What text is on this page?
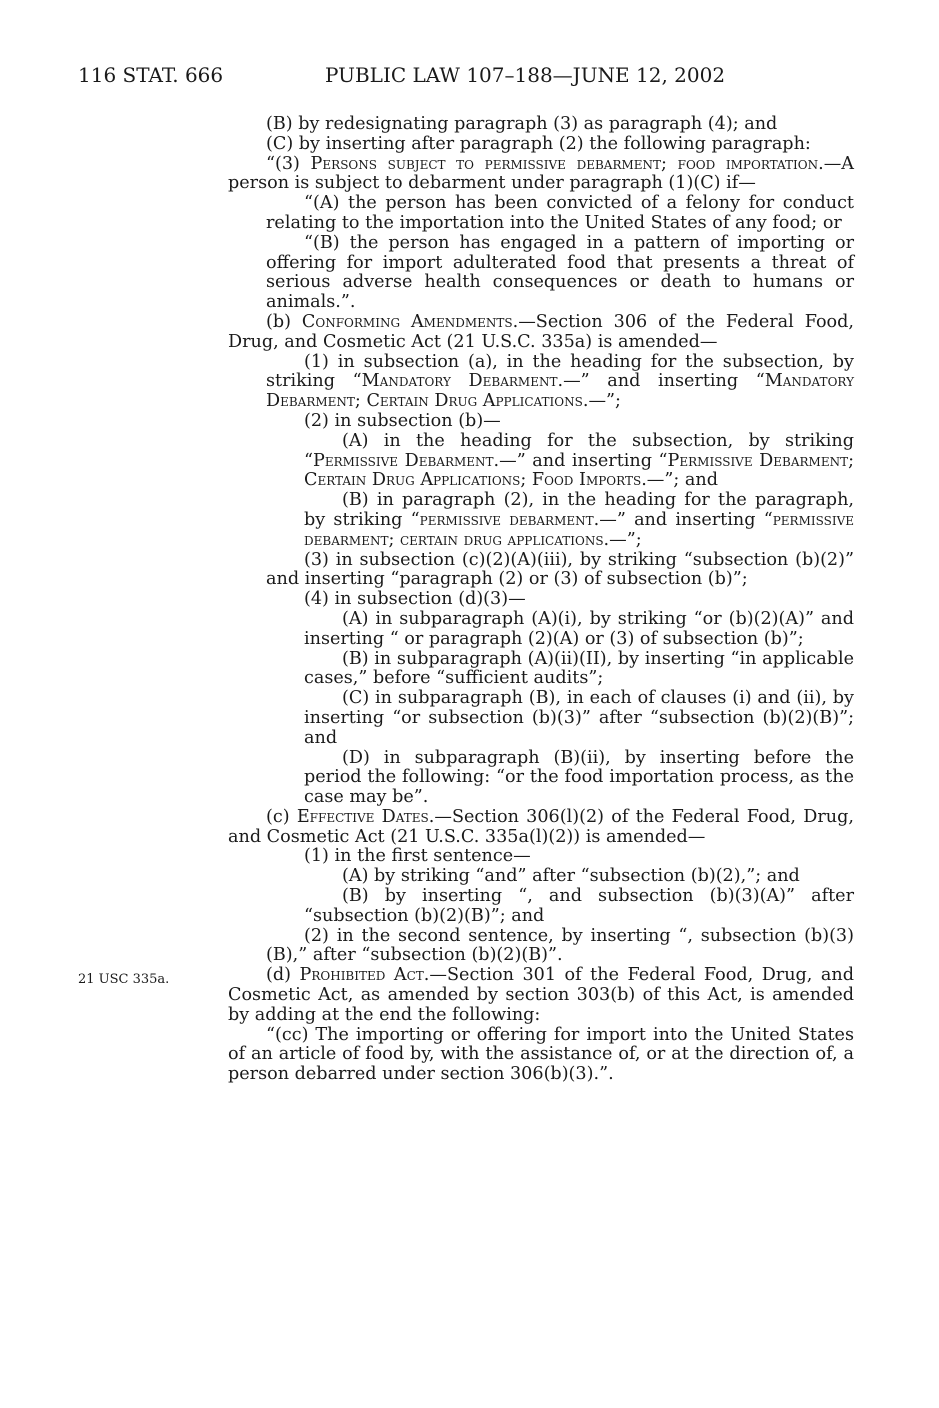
116 STAT. 666	PUBLIC LAW 107–188—JUNE 12, 2002
21 USC 335a.

(B) by redesignating paragraph (3) as paragraph (4); and

(C) by inserting after paragraph (2) the following paragraph:

“(3) Persons subject to permissive debarment; food importation.—A person is subject to debarment under paragraph (1)(C) if—

“(A) the person has been convicted of a felony for conduct relating to the importation into the United States of any food; or

“(B) the person has engaged in a pattern of importing or offering for import adulterated food that presents a threat of serious adverse health consequences or death to humans or animals.”.

(b) Conforming Amendments.—Section 306 of the Federal Food, Drug, and Cosmetic Act (21 U.S.C. 335a) is amended—

(1) in subsection (a), in the heading for the subsection, by striking “Mandatory Debarment.—” and inserting “Mandatory Debarment; Certain Drug Applications.—”;

(2) in subsection (b)—

(A) in the heading for the subsection, by striking “Permissive Debarment.—” and inserting “Permissive Debarment; Certain Drug Applications; Food Imports.—”; and

(B) in paragraph (2), in the heading for the paragraph, by striking “permissive debarment.—” and inserting “permissive debarment; certain drug applications.—”;

(3) in subsection (c)(2)(A)(iii), by striking “subsection (b)(2)” and inserting “paragraph (2) or (3) of subsection (b)”;

(4) in subsection (d)(3)—

(A) in subparagraph (A)(i), by striking “or (b)(2)(A)” and inserting “ or paragraph (2)(A) or (3) of subsection (b)”;

(B) in subparagraph (A)(ii)(II), by inserting “in applicable cases,” before “sufficient audits”;

(C) in subparagraph (B), in each of clauses (i) and (ii), by inserting “or subsection (b)(3)” after “subsection (b)(2)(B)”; and

(D) in subparagraph (B)(ii), by inserting before the period the following: “or the food importation process, as the case may be”.

(c) Effective Dates.—Section 306(l)(2) of the Federal Food, Drug, and Cosmetic Act (21 U.S.C. 335a(l)(2)) is amended—

(1) in the first sentence—

(A) by striking “and” after “subsection (b)(2),”; and

(B) by inserting “, and subsection (b)(3)(A)” after “subsection (b)(2)(B)”; and

(2) in the second sentence, by inserting “, subsection (b)(3)(B),” after “subsection (b)(2)(B)”.

(d) Prohibited Act.—Section 301 of the Federal Food, Drug, and Cosmetic Act, as amended by section 303(b) of this Act, is amended by adding at the end the following:

“(cc) The importing or offering for import into the United States of an article of food by, with the assistance of, or at the direction of, a person debarred under section 306(b)(3).”.
